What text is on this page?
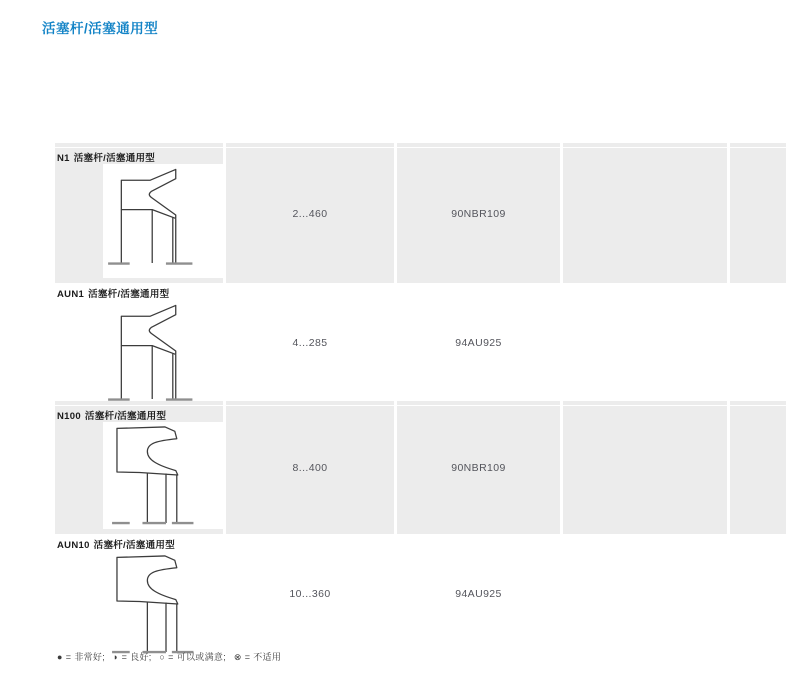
活塞杆/活塞通用型
N1 活塞杆/活塞通用型
2...460	90NBR109
AUN1 活塞杆/活塞通用型
4...285	94AU925
N100 活塞杆/活塞通用型
8...400	90NBR109
AUN10 活塞杆/活塞通用型
10...360	94AU925
● = 非常好; ◗ = 良好; ○ = 可以或满意; ⊗ = 不适用
